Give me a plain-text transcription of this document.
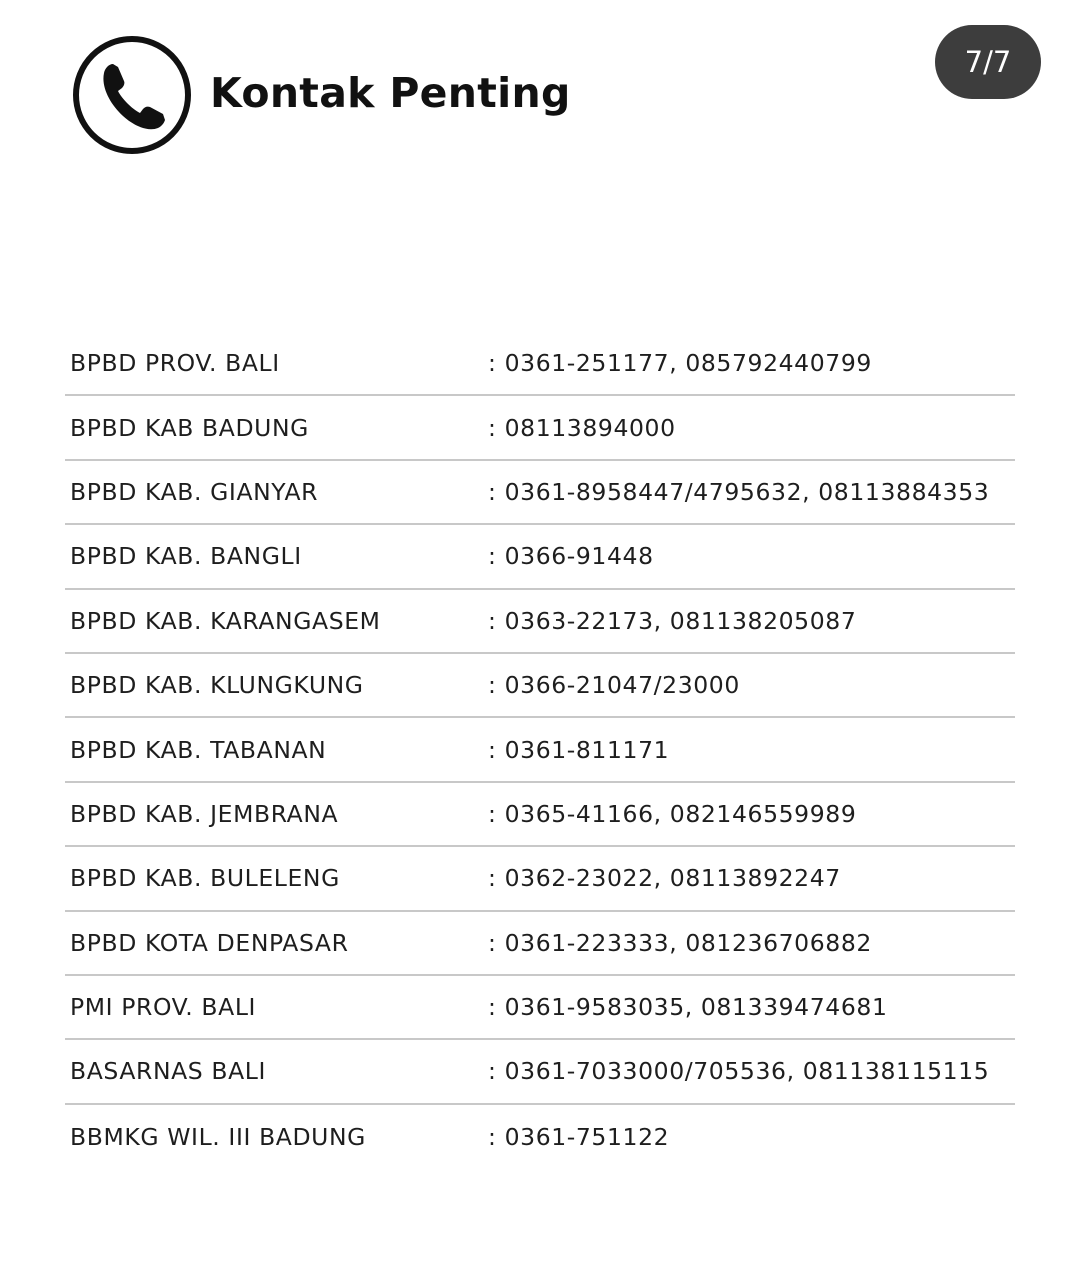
Kontak Penting
7/7
BPBD PROV. BALI	: 0361-251177, 085792440799
BPBD KAB BADUNG	: 08113894000
BPBD KAB. GIANYAR	: 0361-8958447/4795632, 08113884353
BPBD KAB. BANGLI	: 0366-91448
BPBD KAB. KARANGASEM	: 0363-22173, 081138205087
BPBD KAB. KLUNGKUNG	: 0366-21047/23000
BPBD KAB. TABANAN	: 0361-811171
BPBD KAB. JEMBRANA	: 0365-41166, 082146559989
BPBD KAB. BULELENG	: 0362-23022, 08113892247
BPBD KOTA DENPASAR	: 0361-223333, 081236706882
PMI PROV. BALI	: 0361-9583035, 081339474681
BASARNAS BALI	: 0361-7033000/705536, 081138115115
BBMKG WIL. III BADUNG	: 0361-751122
